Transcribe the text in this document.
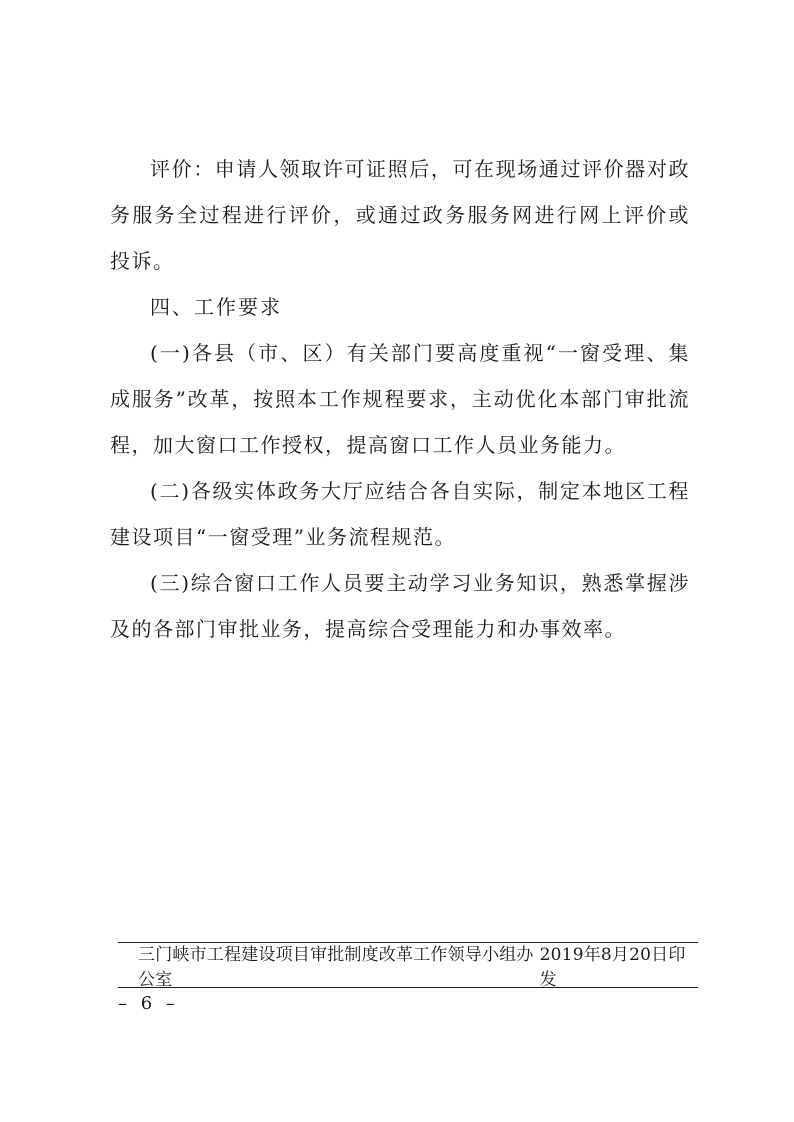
评价：申请人领取许可证照后，可在现场通过评价器对政务服务全过程进行评价，或通过政务服务网进行网上评价或投诉。

四、工作要求

(一)各县（市、区）有关部门要高度重视“一窗受理、集成服务”改革，按照本工作规程要求，主动优化本部门审批流程，加大窗口工作授权，提高窗口工作人员业务能力。

(二)各级实体政务大厅应结合各自实际，制定本地区工程建设项目“一窗受理”业务流程规范。

(三)综合窗口工作人员要主动学习业务知识，熟悉掌握涉及的各部门审批业务，提高综合受理能力和办事效率。

三门峡市工程建设项目审批制度改革工作领导小组办公室
2019年8月20日印发
– 6 –
